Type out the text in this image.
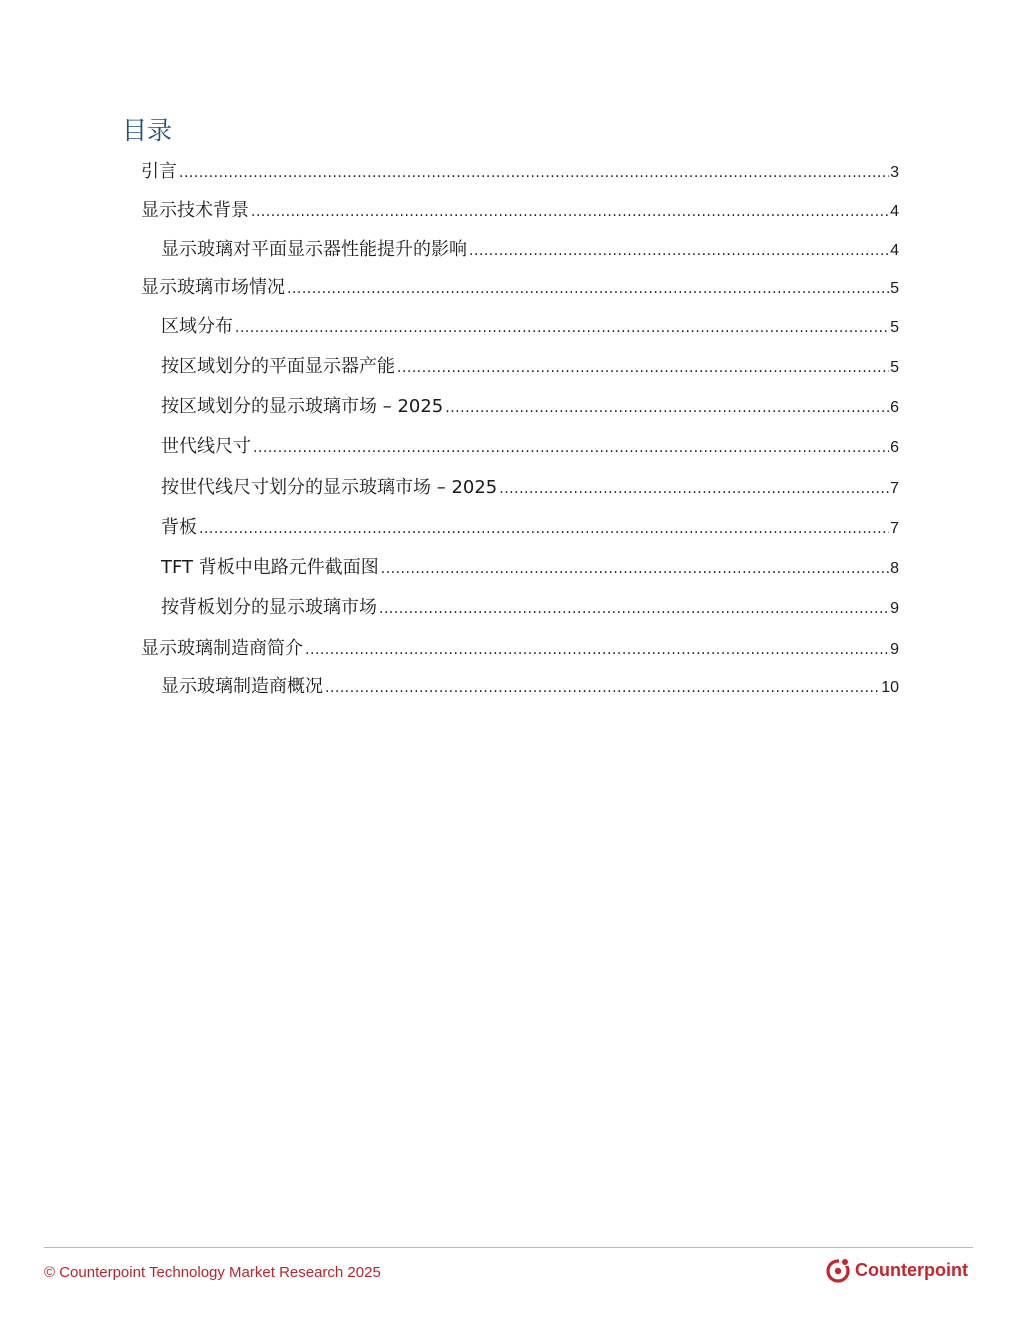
目录
引言 .....	3
显示技术背景 .....	4
显示玻璃对平面显示器性能提升的影响 .....	4
显示玻璃市场情况 .....	5
区域分布 .....	5
按区域划分的平面显示器产能 .....	5
按区域划分的显示玻璃市场 – 2025 .....	6
世代线尺寸 .....	6
按世代线尺寸划分的显示玻璃市场 – 2025 .....	7
背板 .....	7
TFT 背板中电路元件截面图 .....	8
按背板划分的显示玻璃市场 .....	9
显示玻璃制造商简介 .....	9
显示玻璃制造商概况 .....	10
© Counterpoint Technology Market Research 2025	Counterpoint
